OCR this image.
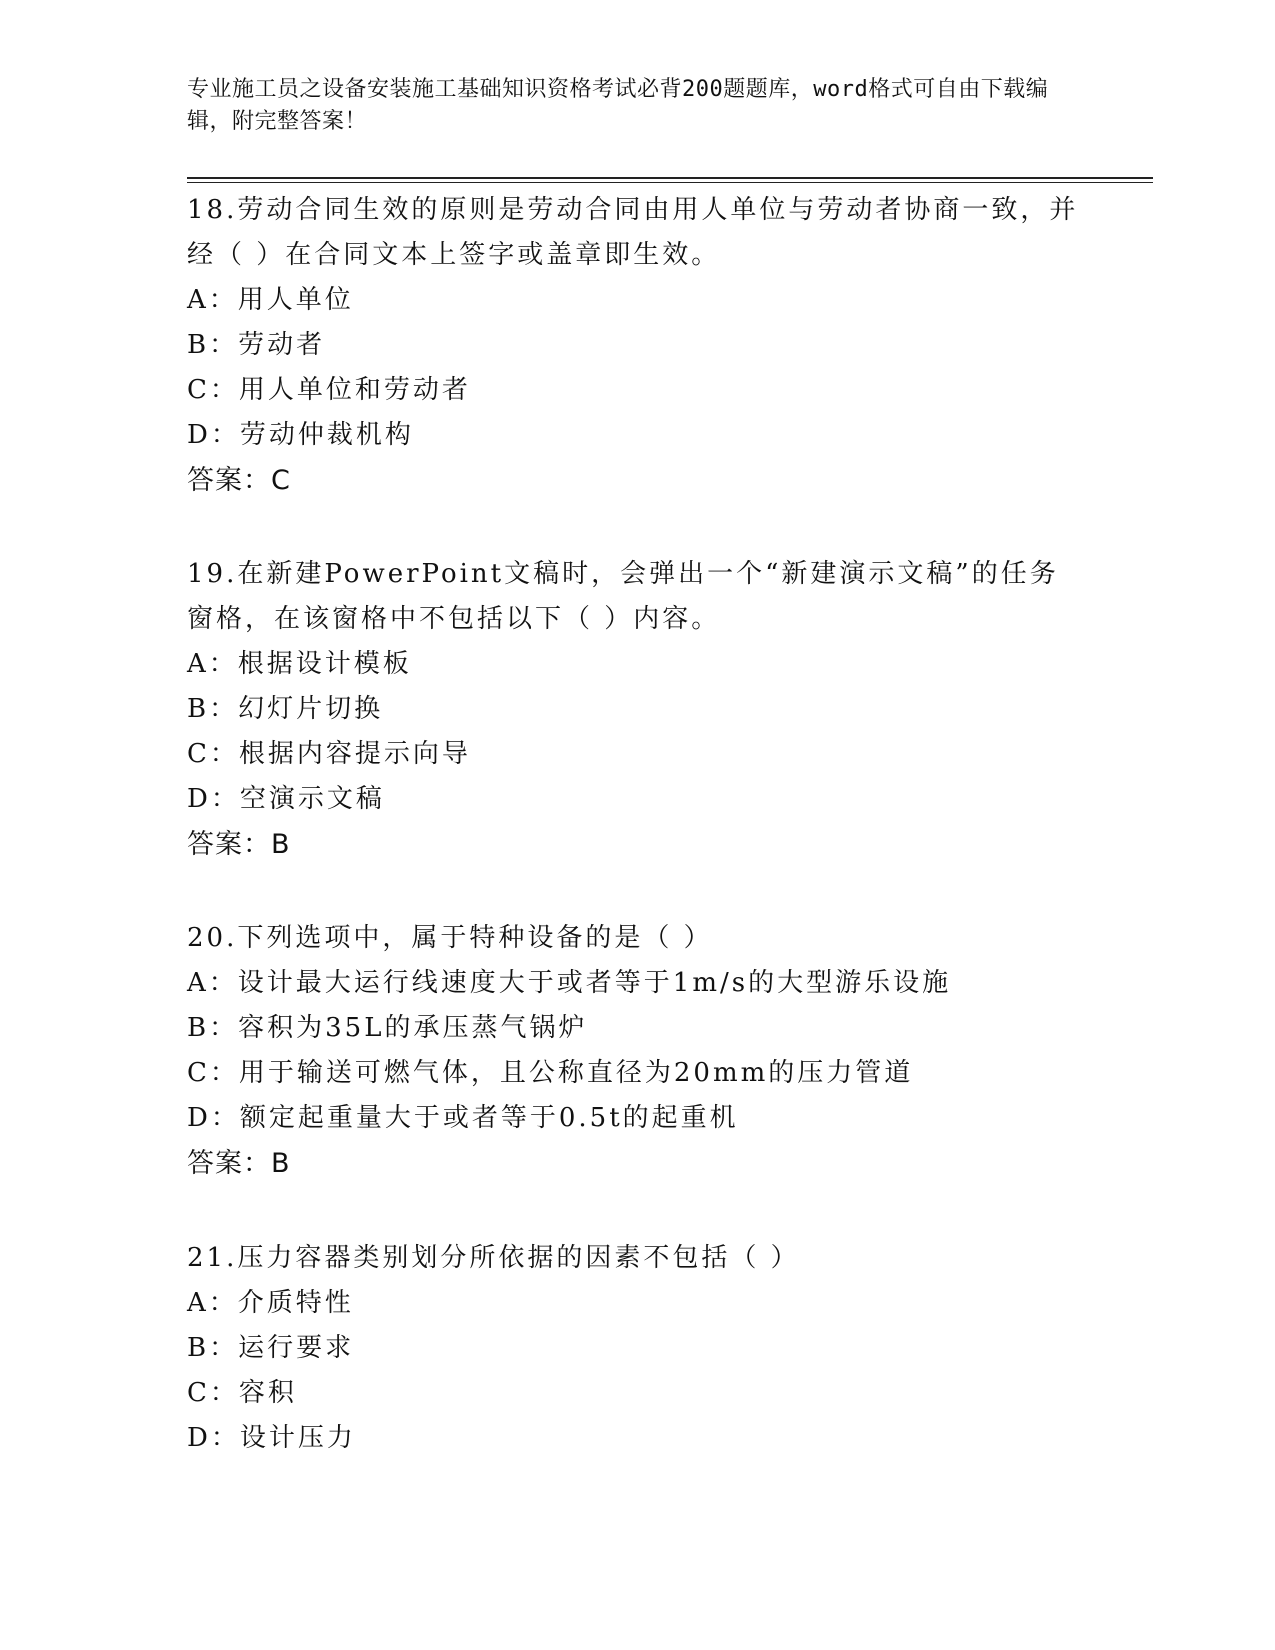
专业施工员之设备安装施工基础知识资格考试必背200题题库，word格式可自由下载编辑，附完整答案！

18.劳动合同生效的原则是劳动合同由用人单位与劳动者协商一致，并经（ ）在合同文本上签字或盖章即生效。

A：用人单位

B：劳动者

C：用人单位和劳动者

D：劳动仲裁机构

答案：C

19.在新建PowerPoint文稿时，会弹出一个“新建演示文稿”的任务窗格，在该窗格中不包括以下（ ）内容。

A：根据设计模板

B：幻灯片切换

C：根据内容提示向导

D：空演示文稿

答案：B

20.下列选项中，属于特种设备的是（ ）

A：设计最大运行线速度大于或者等于1m/s的大型游乐设施

B：容积为35L的承压蒸气锅炉

C：用于输送可燃气体，且公称直径为20mm的压力管道

D：额定起重量大于或者等于0.5t的起重机

答案：B

21.压力容器类别划分所依据的因素不包括（ ）

A：介质特性

B：运行要求

C：容积

D：设计压力
